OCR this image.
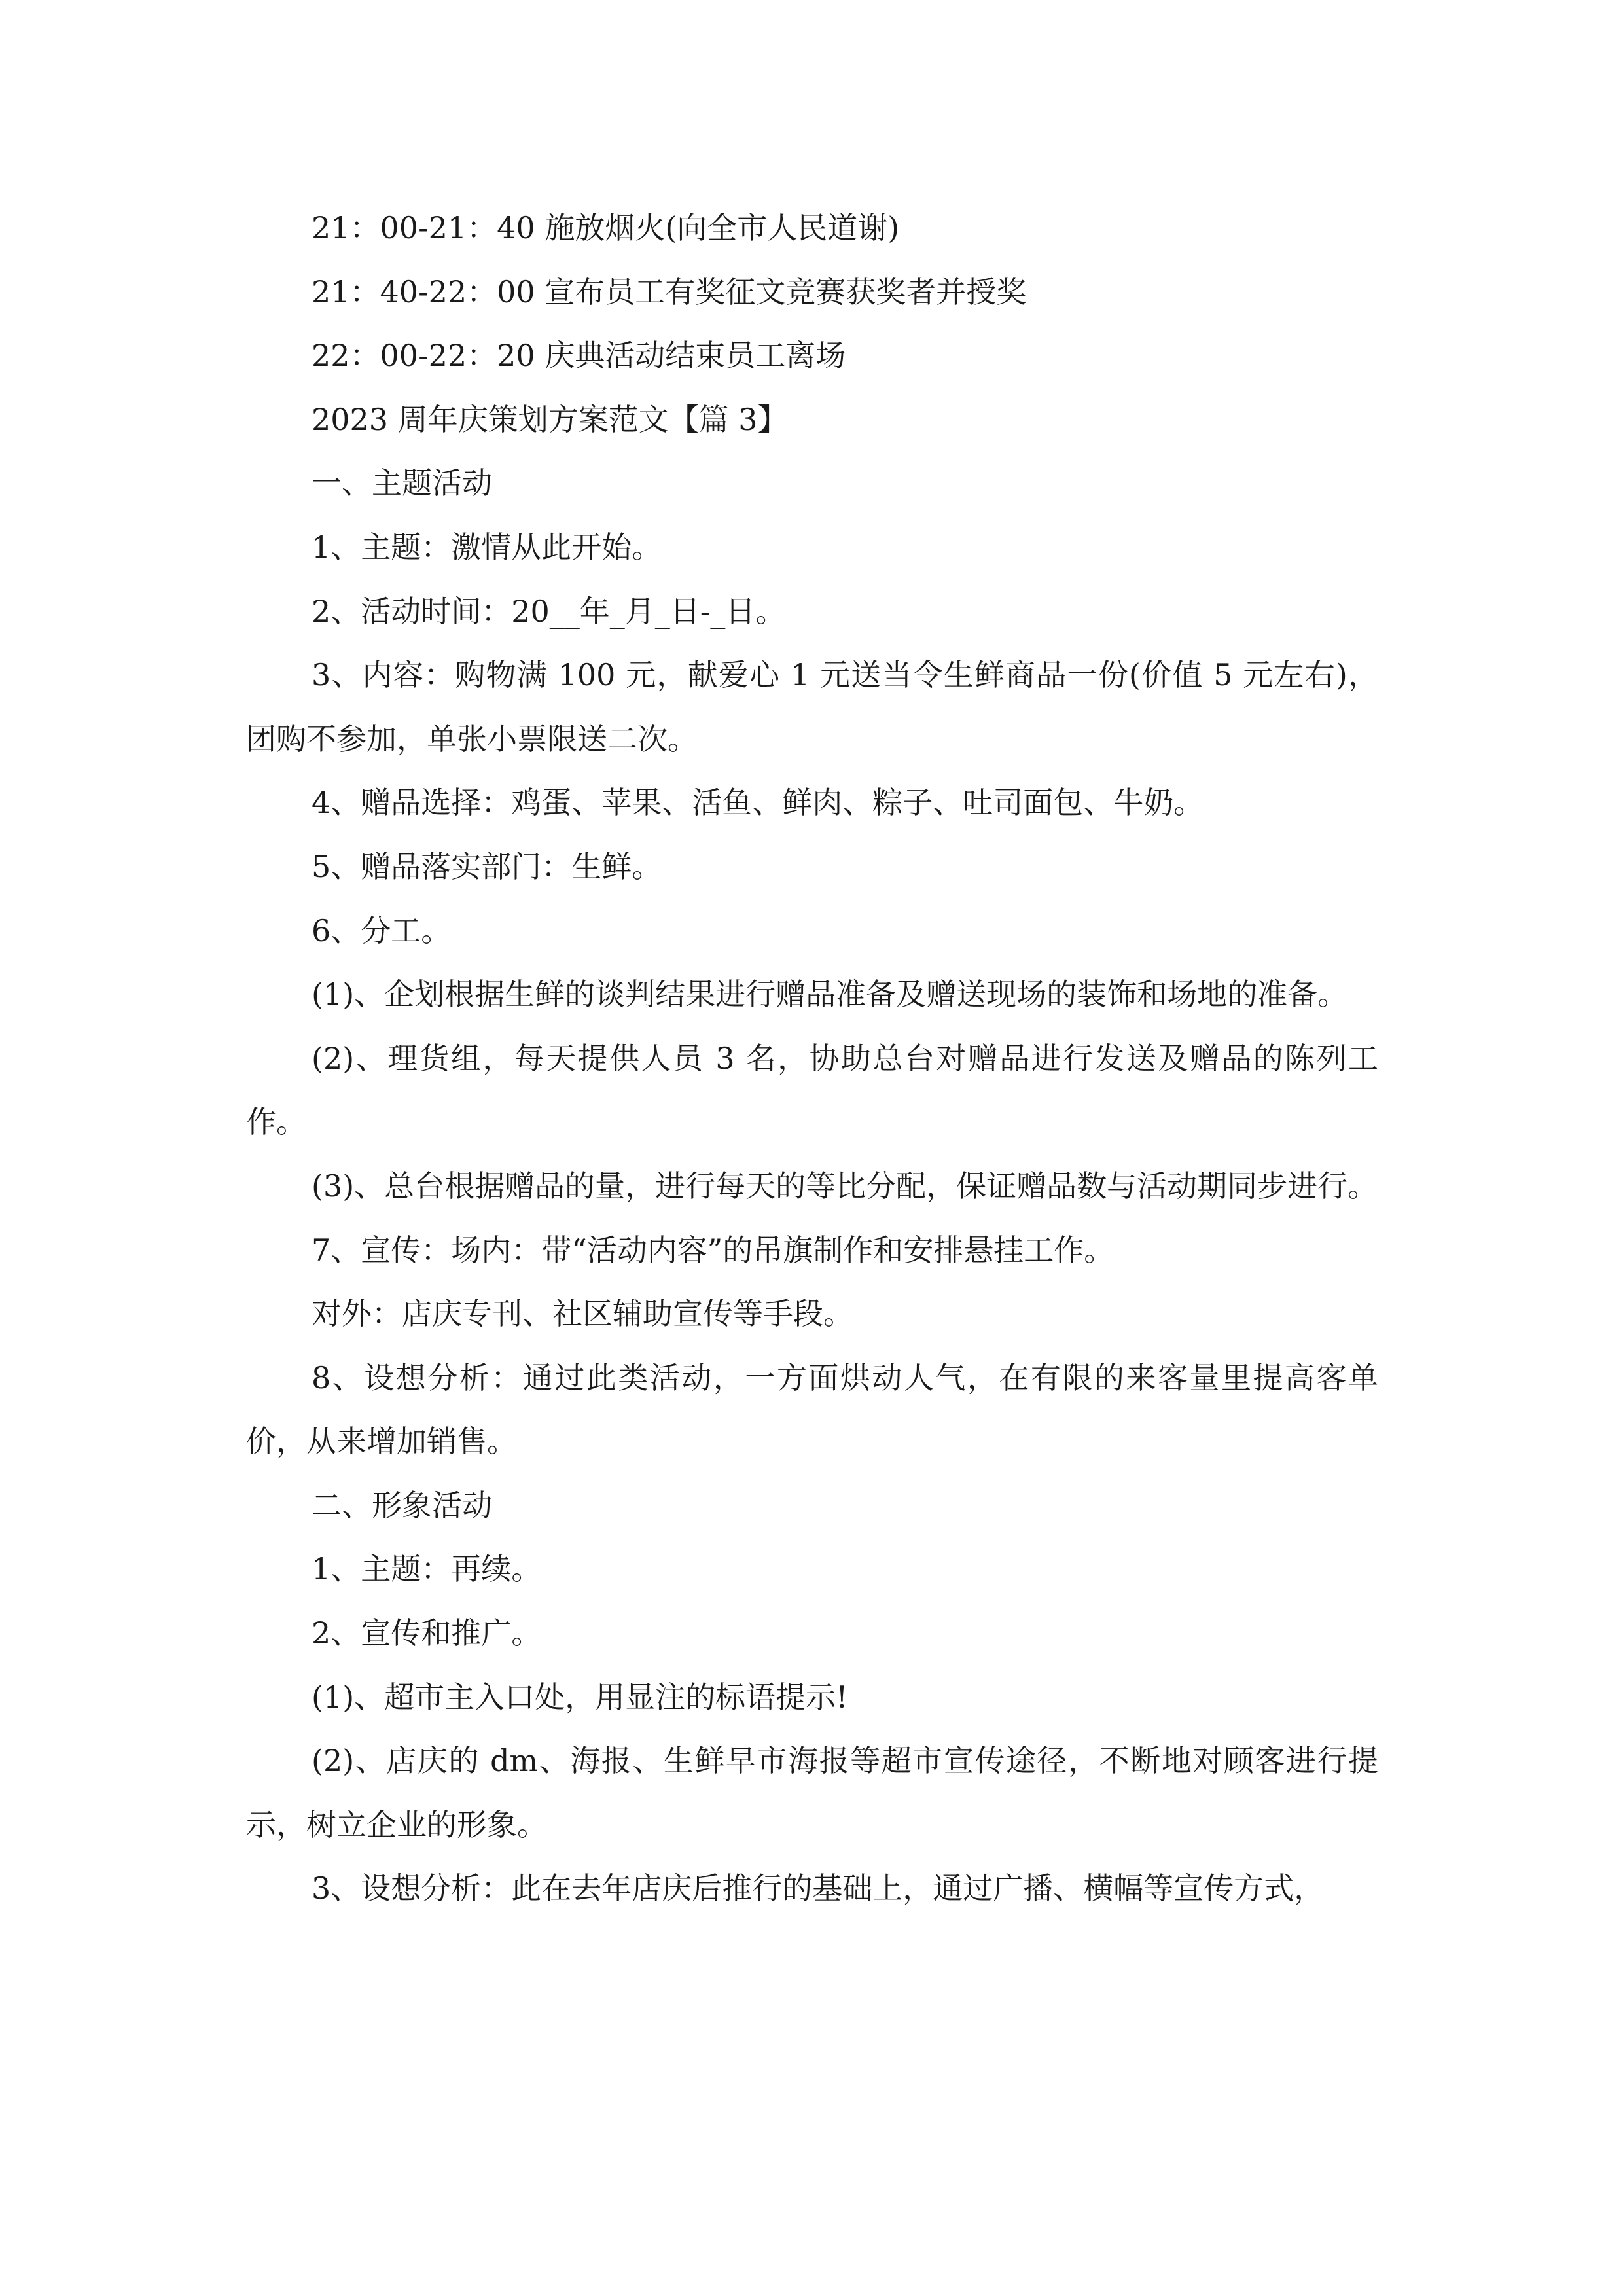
21：00-21：40 施放烟火(向全市人民道谢)

21：40-22：00 宣布员工有奖征文竞赛获奖者并授奖

22：00-22：20 庆典活动结束员工离场

2023 周年庆策划方案范文【篇 3】

一、主题活动

1、主题：激情从此开始。

2、活动时间：20__年_月_日-_日。

3、内容：购物满 100 元，献爱心 1 元送当令生鲜商品一份(价值 5 元左右)，团购不参加，单张小票限送二次。

4、赠品选择：鸡蛋、苹果、活鱼、鲜肉、粽子、吐司面包、牛奶。

5、赠品落实部门：生鲜。

6、分工。

(1)、企划根据生鲜的谈判结果进行赠品准备及赠送现场的装饰和场地的准备。

(2)、理货组，每天提供人员 3 名，协助总台对赠品进行发送及赠品的陈列工作。

(3)、总台根据赠品的量，进行每天的等比分配，保证赠品数与活动期同步进行。

7、宣传：场内：带“活动内容”的吊旗制作和安排悬挂工作。

对外：店庆专刊、社区辅助宣传等手段。

8、设想分析：通过此类活动，一方面烘动人气，在有限的来客量里提高客单价，从来增加销售。

二、形象活动

1、主题：再续。

2、宣传和推广。

(1)、超市主入口处，用显注的标语提示!

(2)、店庆的 dm、海报、生鲜早市海报等超市宣传途径，不断地对顾客进行提示，树立企业的形象。

3、设想分析：此在去年店庆后推行的基础上，通过广播、横幅等宣传方式，
